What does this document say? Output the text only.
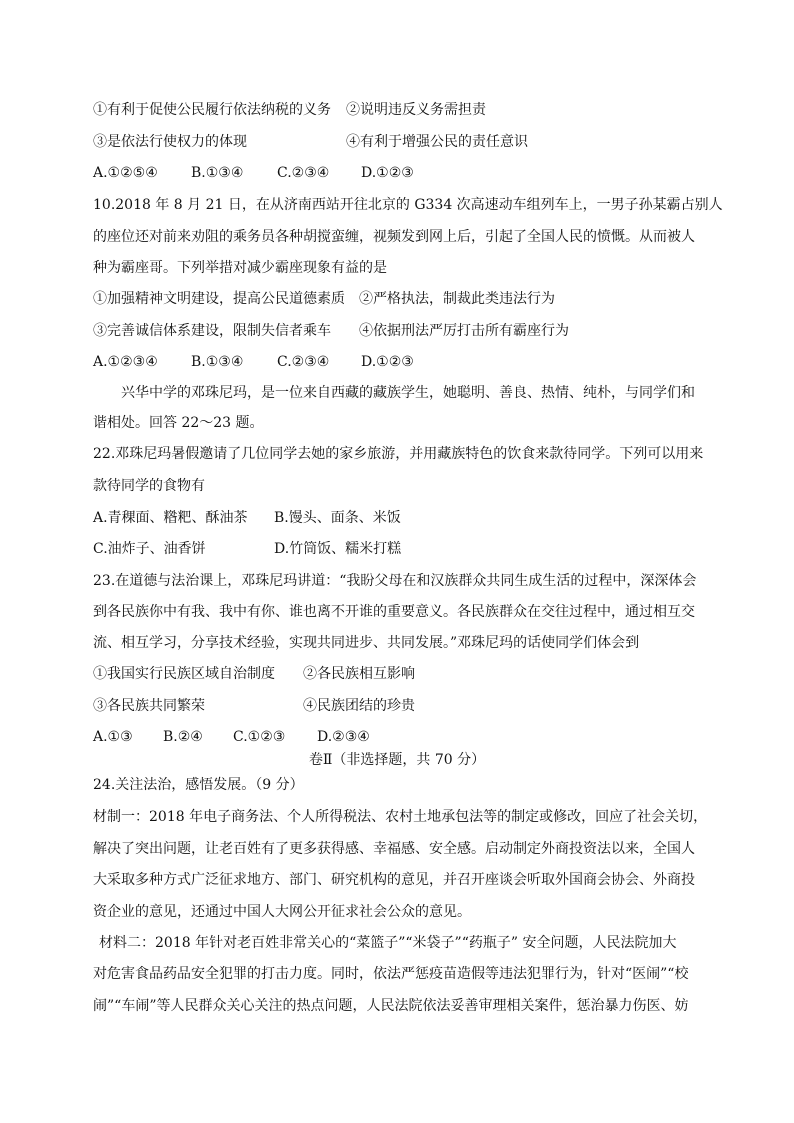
①有利于促使公民履行依法纳税的义务 ②说明违反义务需担责
③是依法行使权力的体现	④有利于增强公民的责任意识
A.①②⑤④ B.①③④ C.②③④ D.①②③
10.2018 年 8 月 21 日，在从济南西站开往北京的 G334 次高速动车组列车上，一男子孙某霸占别人
的座位还对前来劝阻的乘务员各种胡搅蛮缠，视频发到网上后，引起了全国人民的愤慨。从而被人
种为霸座哥。下列举措对减少霸座现象有益的是
①加强精神文明建设，提高公民道德素质 ②严格执法，制裁此类违法行为
③完善诚信体系建设，限制失信者乘车 ④依据刑法严厉打击所有霸座行为
A.①②③④ B.①③④ C.②③④ D.①②③
兴华中学的邓珠尼玛，是一位来自西藏的藏族学生，她聪明、善良、热情、纯朴，与同学们和
谐相处。回答 22～23 题。
22.邓珠尼玛暑假邀请了几位同学去她的家乡旅游，并用藏族特色的饮食来款待同学。下列可以用来
款待同学的食物有
A.青稞面、糌粑、酥油茶 B.馒头、面条、米饭
C.油炸子、油香饼	D.竹筒饭、糯米打糕
23.在道德与法治课上，邓珠尼玛讲道：“我盼父母在和汉族群众共同生成生活的过程中，深深体会
到各民族你中有我、我中有你、谁也离不开谁的重要意义。各民族群众在交往过程中，通过相互交
流、相互学习，分享技术经验，实现共同进步、共同发展。”邓珠尼玛的话使同学们体会到
①我国实行民族区域自治制度 ②各民族相互影响
③各民族共同繁荣	④民族团结的珍贵
A.①③ B.②④ C.①②③ D.②③④
卷Ⅱ（非选择题，共 70 分）
24.关注法治，感悟发展。（9 分）
材制一：2018 年电子商务法、个人所得税法、农村土地承包法等的制定或修改，回应了社会关切，
解决了突出问题，让老百姓有了更多获得感、幸福感、安全感。启动制定外商投资法以来，全国人
大采取多种方式广泛征求地方、部门、研究机构的意见，并召开座谈会听取外国商会协会、外商投
资企业的意见，还通过中国人大网公开征求社会公众的意见。
材料二：2018 年针对老百姓非常关心的“菜篮子”“米袋子”“药瓶子” 安全问题，人民法院加大
对危害食品药品安全犯罪的打击力度。同时，依法严惩疫苗造假等违法犯罪行为，针对“医闹”“校
闹”“车闹”等人民群众关心关注的热点问题，人民法院依法妥善审理相关案件，惩治暴力伤医、妨
